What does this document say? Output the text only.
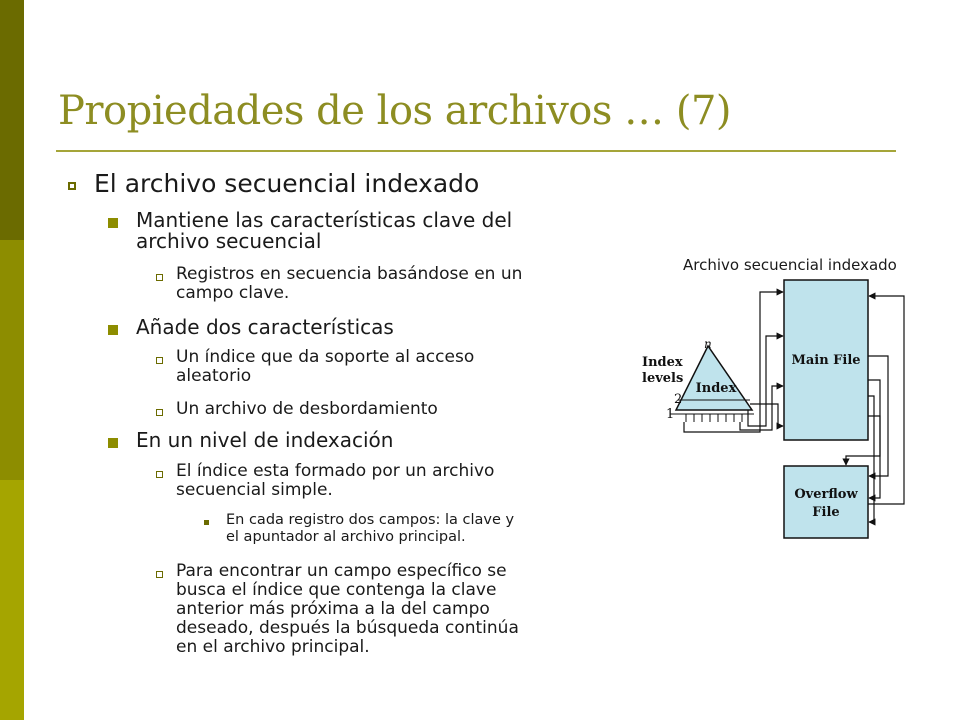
Propiedades de los archivos … (7)
El archivo secuencial indexado
Mantiene las características clave del
archivo secuencial
Registros en secuencia basándose en un
campo clave.
Añade dos características
Un índice que da soporte al acceso
aleatorio
Un archivo de desbordamiento
En un nivel de indexación
El índice esta formado por un archivo
secuencial simple.
En cada registro dos campos: la clave y
el apuntador al archivo principal.
Para encontrar un campo específico se
busca el índice que contenga la clave
anterior más próxima a la del campo
deseado, después la búsqueda continúa
en el archivo principal.
Archivo secuencial indexado
Main File
Overflow
File
Index
n
Index
levels
2
1
